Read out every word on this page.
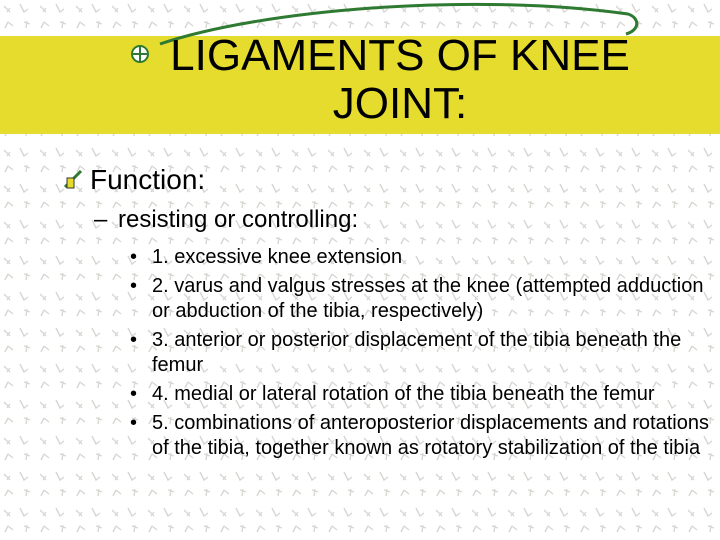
LIGAMENTS OF KNEE JOINT:
Function:
– resisting or controlling:
• 1. excessive knee extension
• 2. varus and valgus stresses at the knee (attempted adduction or abduction of the tibia, respectively)
• 3. anterior or posterior displacement of the tibia beneath the femur
• 4. medial or lateral rotation of the tibia beneath the femur
• 5. combinations of anteroposterior displacements and rotations of the tibia, together known as rotatory stabilization of the tibia
